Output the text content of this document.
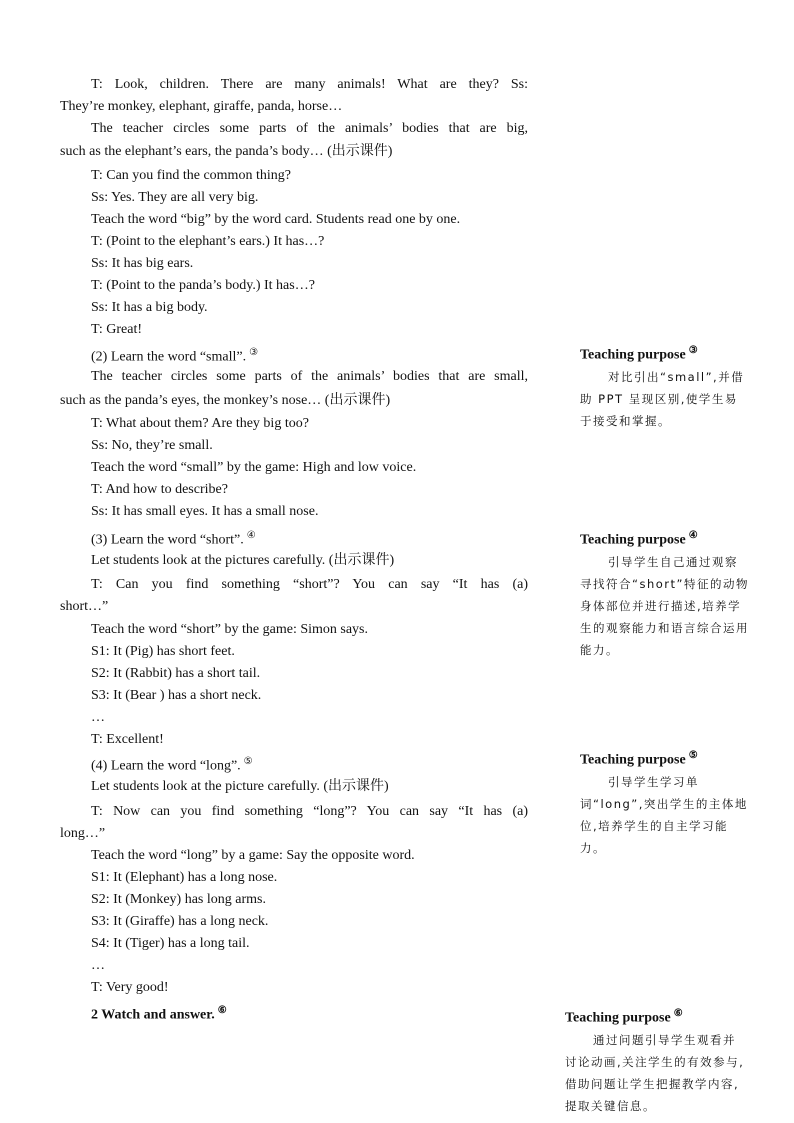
T: Look, children. There are many animals! What are they? Ss:
They’re monkey, elephant, giraffe, panda, horse…
The teacher circles some parts of the animals’ bodies that are big,
such as the elephant’s ears, the panda’s body… (出示课件)
T: Can you find the common thing?
Ss: Yes. They are all very big.
Teach the word “big” by the word card. Students read one by one.
T: (Point to the elephant’s ears.) It has…?
Ss: It has big ears.
T: (Point to the panda’s body.) It has…?
Ss: It has a big body.
T: Great!
(2) Learn the word “small”. ③
The teacher circles some parts of the animals’ bodies that are small,
such as the panda’s eyes, the monkey’s nose… (出示课件)
T: What about them? Are they big too?
Ss: No, they’re small.
Teach the word “small” by the game: High and low voice.
T: And how to describe?
Ss: It has small eyes. It has a small nose.
(3) Learn the word “short”. ④
Let students look at the pictures carefully. (出示课件)
T: Can you find something “short”? You can say “It has (a)
short…”
Teach the word “short” by the game: Simon says.
S1: It (Pig) has short feet.
S2: It (Rabbit) has a short tail.
S3: It (Bear ) has a short neck.
…
T: Excellent!
(4) Learn the word “long”. ⑤
Let students look at the picture carefully. (出示课件)
T: Now can you find something “long”? You can say “It has (a)
long…”
Teach the word “long” by a game: Say the opposite word.
S1: It (Elephant) has a long nose.
S2: It (Monkey) has long arms.
S3: It (Giraffe) has a long neck.
S4: It (Tiger) has a long tail.
…
T: Very good!
2 Watch and answer. ⑥
Teaching purpose ③
对比引出“small”,并借助 PPT 呈现区别,使学生易于接受和掌握。
Teaching purpose ④
引导学生自己通过观察寻找符合“short”特征的动物身体部位并进行描述,培养学生的观察能力和语言综合运用能力。
Teaching purpose ⑤
引导学生学习单词“long”,突出学生的主体地位,培养学生的自主学习能力。
Teaching purpose ⑥
通过问题引导学生观看并讨论动画,关注学生的有效参与,借助问题让学生把握教学内容,提取关键信息。
